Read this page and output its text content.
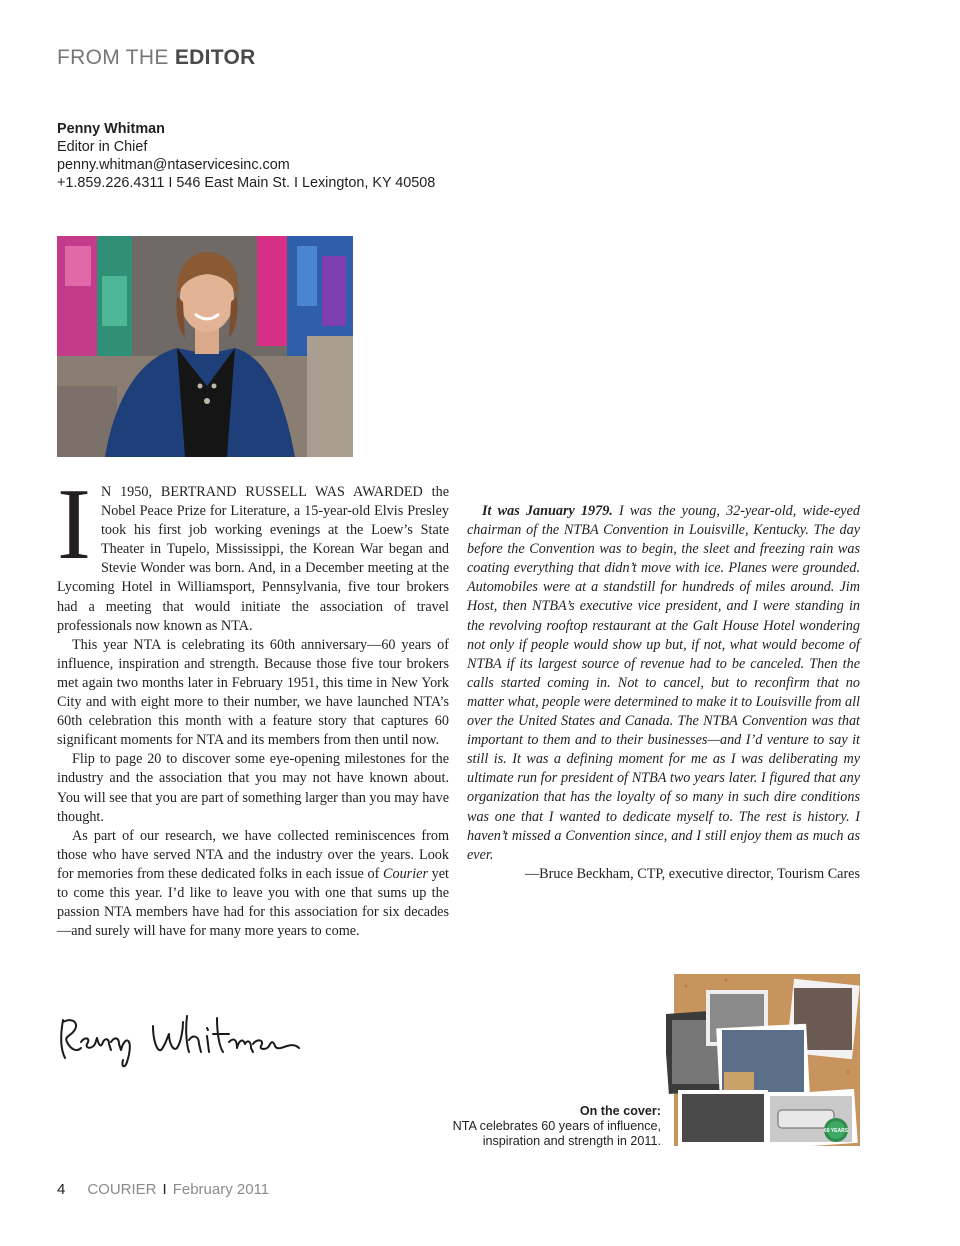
FROM THE EDITOR
Penny Whitman
Editor in Chief
penny.whitman@ntaservicesinc.com
+1.859.226.4311 I 546 East Main St. I Lexington, KY 40508

I N 1950, BERTRAND RUSSELL WAS AWARDED the Nobel Peace Prize for Literature, a 15-year-old Elvis Presley took his first job working evenings at the Loew’s State Theater in Tupelo, Mississippi, the Korean War began and Stevie Wonder was born. And, in a December meeting at the Lycoming Hotel in Williamsport, Pennsylvania, five tour brokers had a meeting that would initiate the association of travel professionals now known as NTA.

This year NTA is celebrating its 60th anniversary—60 years of influence, inspiration and strength. Because those five tour brokers met again two months later in February 1951, this time in New York City and with eight more to their number, we have launched NTA’s 60th celebration this month with a feature story that captures 60 significant moments for NTA and its members from then until now.

Flip to page 20 to discover some eye-opening milestones for the industry and the association that you may not have known about. You will see that you are part of something larger than you may have thought.

As part of our research, we have collected reminiscences from those who have served NTA and the industry over the years. Look for memories from these dedicated folks in each issue of Courier yet to come this year. I’d like to leave you with one that sums up the passion NTA members have had for this association for six decades—and surely will have for many more years to come.

It was January 1979. I was the young, 32-year-old, wide-eyed chairman of the NTBA Convention in Louisville, Kentucky. The day before the Convention was to begin, the sleet and freezing rain was coating everything that didn’t move with ice. Planes were grounded. Automobiles were at a standstill for hundreds of miles around. Jim Host, then NTBA’s executive vice president, and I were standing in the revolving rooftop restaurant at the Galt House Hotel wondering not only if people would show up but, if not, what would become of NTBA if its largest source of revenue had to be canceled. Then the calls started coming in. Not to cancel, but to reconfirm that no matter what, people were determined to make it to Louisville from all over the United States and Canada. The NTBA Convention was that important to them and to their businesses—and I’d venture to say it still is. It was a defining moment for me as I was deliberating my ultimate run for president of NTBA two years later. I figured that any organization that has the loyalty of so many in such dire conditions was one that I wanted to dedicate myself to. The rest is history. I haven’t missed a Convention since, and I still enjoy them as much as ever.

—Bruce Beckham, CTP, executive director, Tourism Cares

60 YEARS
On the cover:
NTA celebrates 60 years of influence, inspiration and strength in 2011.
4 COURIER I February 2011
